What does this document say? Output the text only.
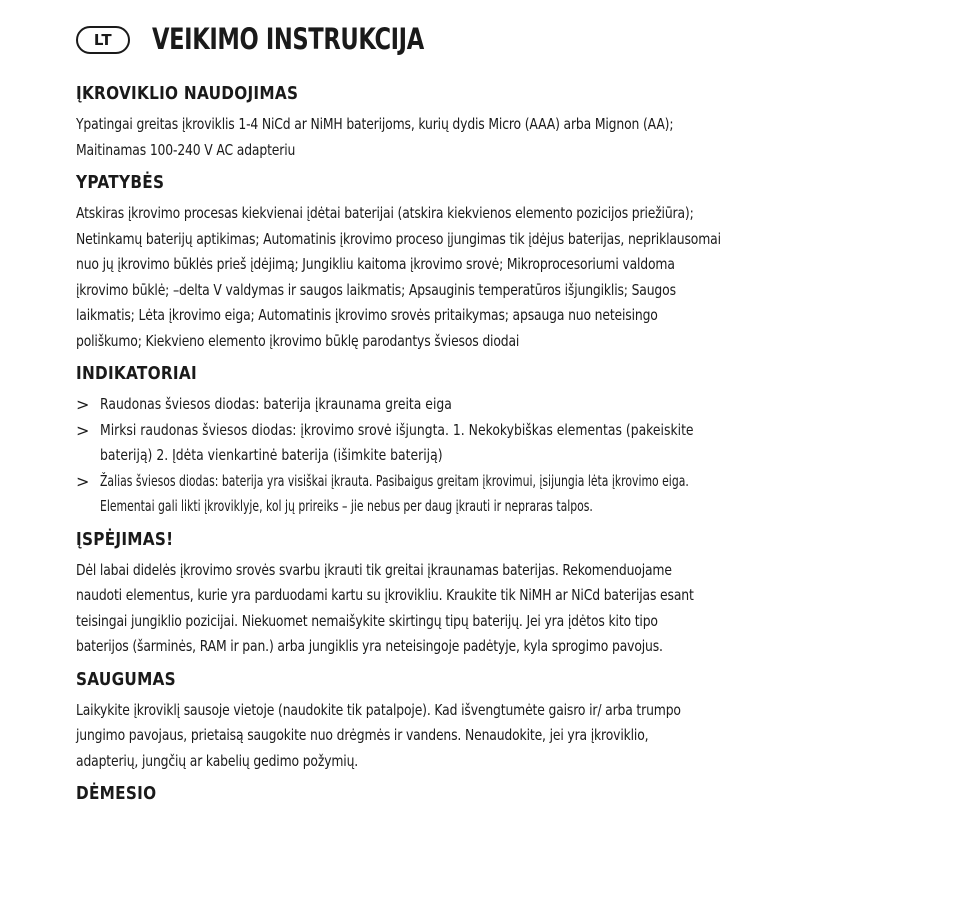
LT	VEIKIMO INSTRUKCIJA
ĮKROVIKLIO NAUDOJIMAS
Ypatingai greitas įkroviklis 1-4 NiCd ar NiMH baterijoms, kurių dydis Micro (AAA) arba Mignon (AA);
Maitinamas 100-240 V AC adapteriu
YPATYBĖS
Atskiras įkrovimo procesas kiekvienai įdėtai baterijai (atskira kiekvienos elemento pozicijos priežiūra);
Netinkamų baterijų aptikimas; Automatinis įkrovimo proceso įjungimas tik įdėjus baterijas, nepriklausomai
nuo jų įkrovimo būklės prieš įdėjimą; Jungikliu kaitoma įkrovimo srovė; Mikroprocesoriumi valdoma
įkrovimo būklė; –delta V valdymas ir saugos laikmatis; Apsauginis temperatūros išjungiklis; Saugos
laikmatis; Lėta įkrovimo eiga; Automatinis įkrovimo srovės pritaikymas; apsauga nuo neteisingo
poliškumo; Kiekvieno elemento įkrovimo būklę parodantys šviesos diodai
INDIKATORIAI
> Raudonas šviesos diodas: baterija įkraunama greita eiga
> Mirksi raudonas šviesos diodas: įkrovimo srovė išjungta. 1. Nekokybiškas elementas (pakeiskite
bateriją) 2. Įdėta vienkartinė baterija (išimkite bateriją)
> Žalias šviesos diodas: baterija yra visiškai įkrauta. Pasibaigus greitam įkrovimui, įsijungia lėta įkrovimo eiga.
Elementai gali likti įkroviklyje, kol jų prireiks – jie nebus per daug įkrauti ir nepraras talpos.
ĮSPĖJIMAS!
Dėl labai didelės įkrovimo srovės svarbu įkrauti tik greitai įkraunamas baterijas. Rekomenduojame
naudoti elementus, kurie yra parduodami kartu su įkrovikliu. Kraukite tik NiMH ar NiCd baterijas esant
teisingai jungiklio pozicijai. Niekuomet nemaišykite skirtingų tipų baterijų. Jei yra įdėtos kito tipo
baterijos (šarminės, RAM ir pan.) arba jungiklis yra neteisingoje padėtyje, kyla sprogimo pavojus.
SAUGUMAS
Laikykite įkroviklį sausoje vietoje (naudokite tik patalpoje). Kad išvengtumėte gaisro ir/ arba trumpo
jungimo pavojaus, prietaisą saugokite nuo drėgmės ir vandens. Nenaudokite, jei yra įkroviklio,
adapterių, jungčių ar kabelių gedimo požymių.
DĖMESIO
